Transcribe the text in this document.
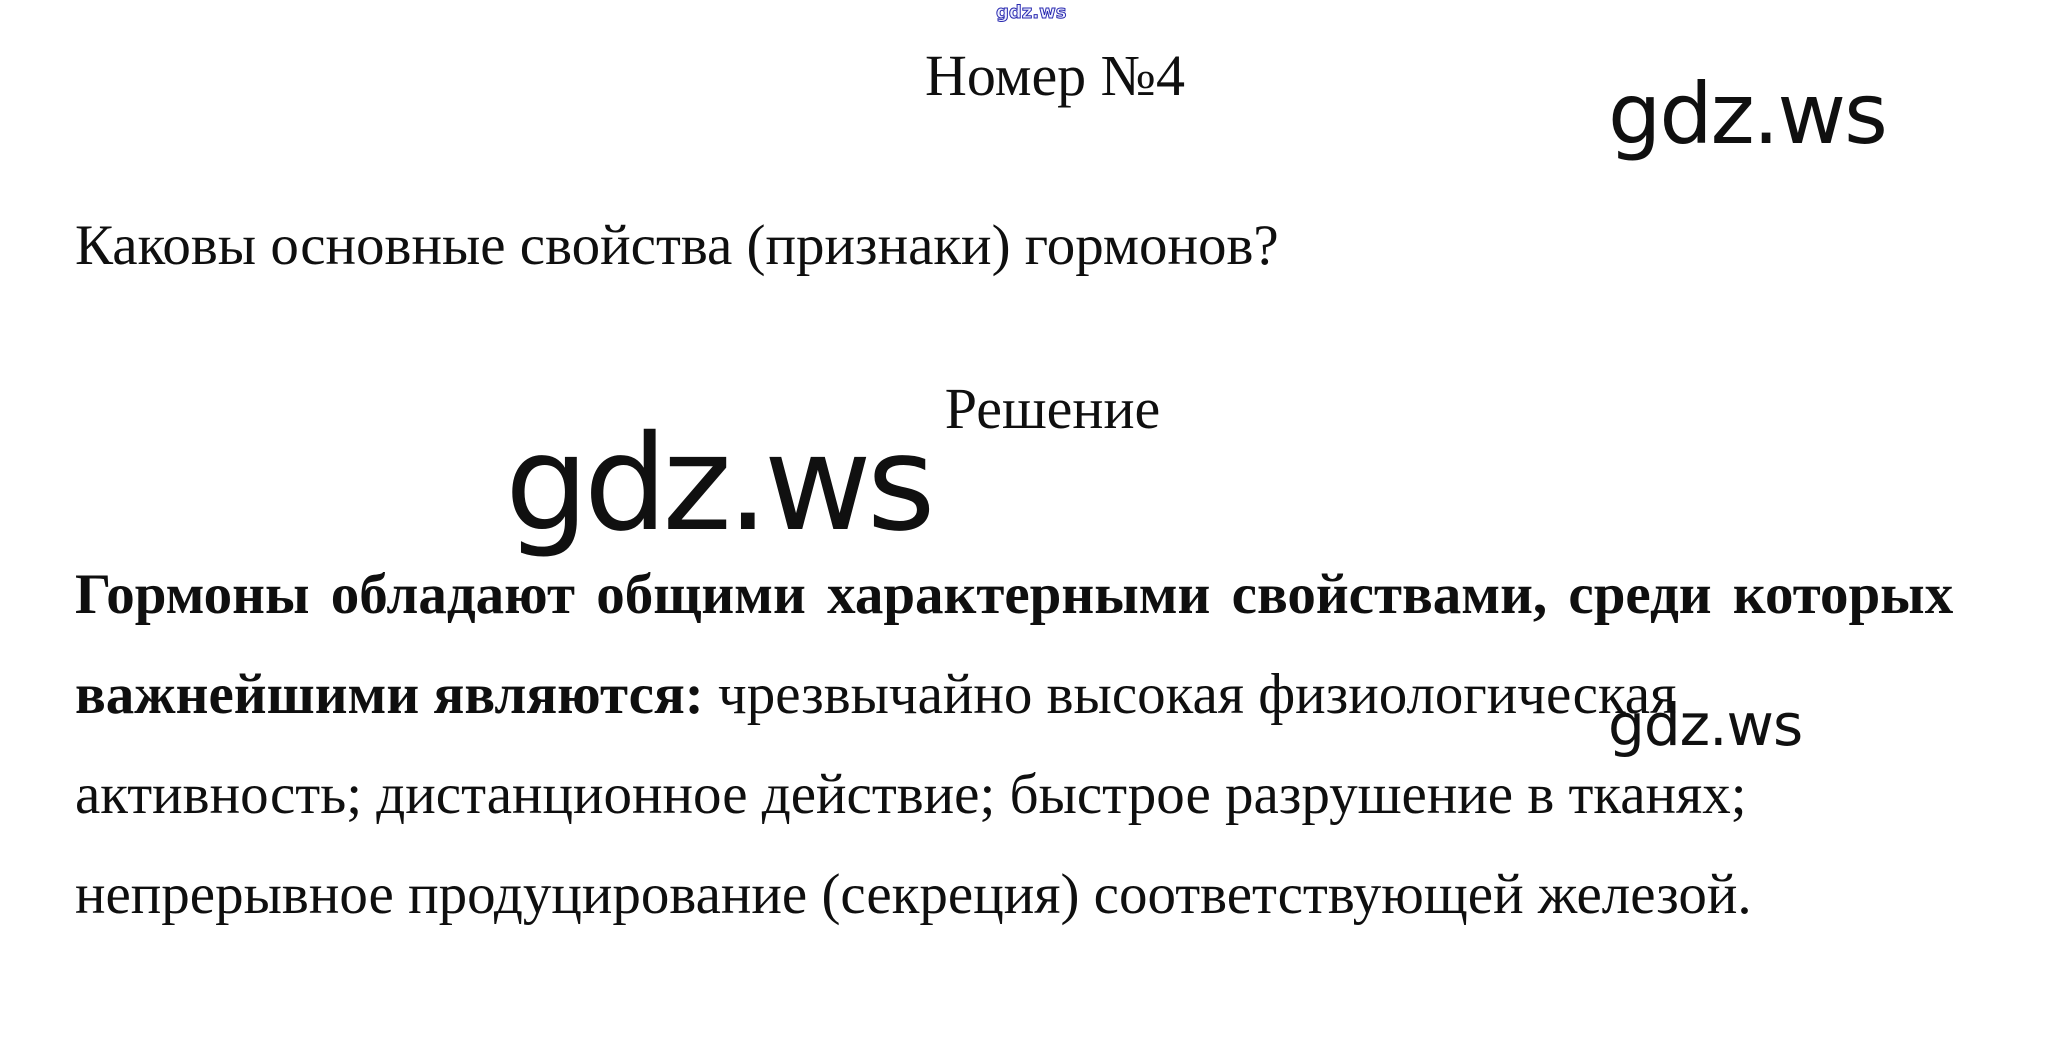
gdz.ws
Номер №4	gdz.ws
Каковы основные свойства (признаки) гормонов?
Решение
gdz.ws
gdz.ws
Гормоны обладают общими характерными свойствами, среди которых
важнейшими являются: чрезвычайно высокая физиологическая
активность; дистанционное действие; быстрое разрушение в тканях;
непрерывное продуцирование (секреция) соответствующей железой.
